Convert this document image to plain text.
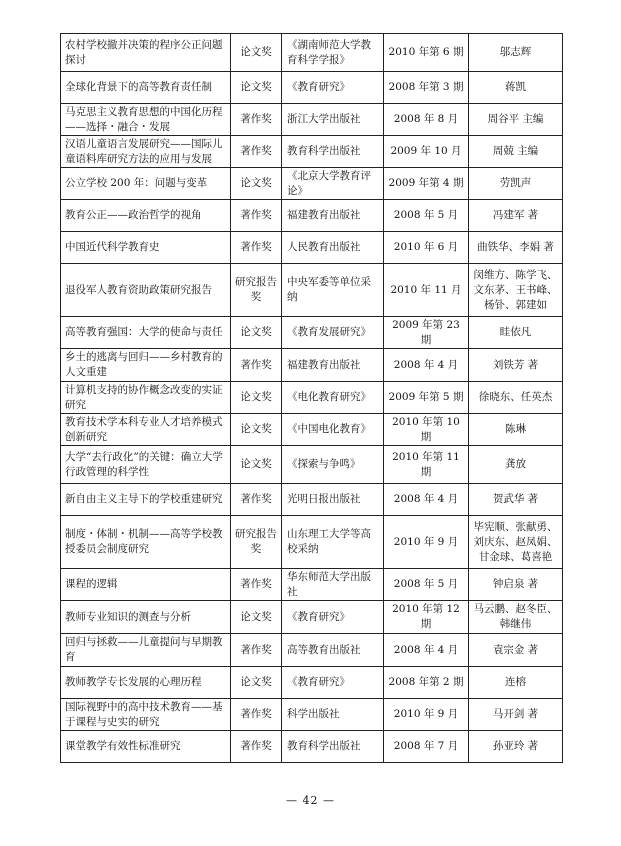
农村学校撤并决策的程序公正问题探讨	论文奖	《湖南师范大学教育科学学报》	2010 年第 6 期	邬志辉
全球化背景下的高等教育责任制	论文奖	《教育研究》	2008 年第 3 期	蒋凯
马克思主义教育思想的中国化历程——选择・融合・发展	著作奖	浙江大学出版社	2008 年 8 月	周谷平 主编
汉语儿童语言发展研究——国际儿童语料库研究方法的应用与发展	著作奖	教育科学出版社	2009 年 10 月	周兢 主编
公立学校 200 年：问题与变革	论文奖	《北京大学教育评论》	2009 年第 4 期	劳凯声
教育公正——政治哲学的视角	著作奖	福建教育出版社	2008 年 5 月	冯建军 著
中国近代科学教育史	著作奖	人民教育出版社	2010 年 6 月	曲铁华、李娟 著
退役军人教育资助政策研究报告	研究报告奖	中央军委等单位采纳	2010 年 11 月	闵维方、陈学飞、文东茅、王书峰、杨钋、郭建如
高等教育强国：大学的使命与责任	论文奖	《教育发展研究》	2009 年第 23 期	眭依凡
乡土的逃离与回归——乡村教育的人文重建	著作奖	福建教育出版社	2008 年 4 月	刘铁芳 著
计算机支持的协作概念改变的实证研究	论文奖	《电化教育研究》	2009 年第 5 期	徐晓东、任英杰
教育技术学本科专业人才培养模式创新研究	论文奖	《中国电化教育》	2010 年第 10 期	陈琳
大学“去行政化”的关键：确立大学行政管理的科学性	论文奖	《探索与争鸣》	2010 年第 11 期	龚放
新自由主义主导下的学校重建研究	著作奖	光明日报出版社	2008 年 4 月	贺武华 著
制度・体制・机制——高等学校教授委员会制度研究	研究报告奖	山东理工大学等高校采纳	2010 年 9 月	毕宪顺、张献勇、刘庆东、赵凤娟、甘金球、葛喜艳
课程的逻辑	著作奖	华东师范大学出版社	2008 年 5 月	钟启泉 著
教师专业知识的测查与分析	论文奖	《教育研究》	2010 年第 12 期	马云鹏、赵冬臣、韩继伟
回归与拯救——儿童提问与早期教育	著作奖	高等教育出版社	2008 年 4 月	袁宗金 著
教师教学专长发展的心理历程	论文奖	《教育研究》	2008 年第 2 期	连榕
国际视野中的高中技术教育——基于课程与史实的研究	著作奖	科学出版社	2010 年 9 月	马开剑 著
课堂教学有效性标准研究	著作奖	教育科学出版社	2008 年 7 月	孙亚玲 著
— 42 —
